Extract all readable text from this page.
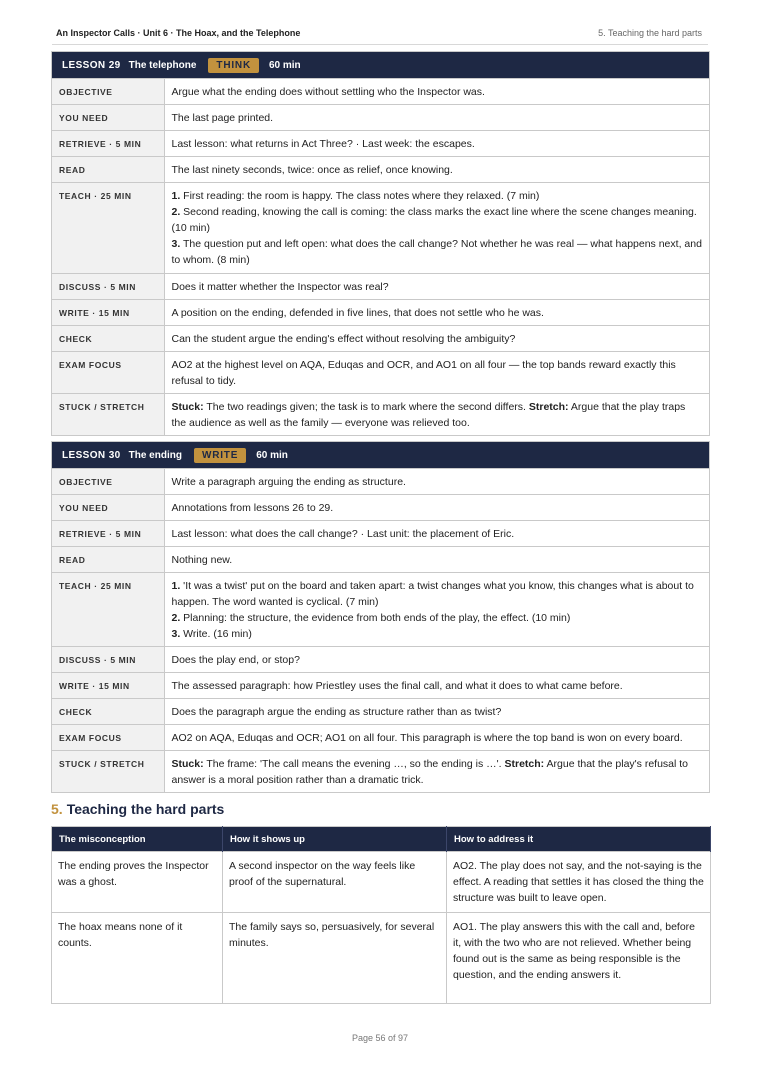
An Inspector Calls · Unit 6 · The Hoax, and the Telephone	5. Teaching the hard parts
LESSON 29 The telephone	THINK	60 min
OBJECTIVE	Argue what the ending does without settling who the Inspector was.
YOU NEED	The last page printed.
RETRIEVE · 5 MIN	Last lesson: what returns in Act Three? · Last week: the escapes.
READ	The last ninety seconds, twice: once as relief, once knowing.
TEACH · 25 MIN	1. First reading: the room is happy. The class notes where they relaxed. (7 min)

2. Second reading, knowing the call is coming: the class marks the exact line where the scene changes meaning. (10 min)

3. The question put and left open: what does the call change? Not whether he was real — what happens next, and to whom. (8 min)

DISCUSS · 5 MIN	Does it matter whether the Inspector was real?
WRITE · 15 MIN	A position on the ending, defended in five lines, that does not settle who he was.
CHECK	Can the student argue the ending's effect without resolving the ambiguity?
EXAM FOCUS	AO2 at the highest level on AQA, Eduqas and OCR, and AO1 on all four — the top bands reward exactly this refusal to tidy.
STUCK / STRETCH	Stuck: The two readings given; the task is to mark where the second differs. Stretch: Argue that the play traps the audience as well as the family — everyone was relieved too.
LESSON 30 The ending	WRITE	60 min
OBJECTIVE	Write a paragraph arguing the ending as structure.
YOU NEED	Annotations from lessons 26 to 29.
RETRIEVE · 5 MIN	Last lesson: what does the call change? · Last unit: the placement of Eric.
READ	Nothing new.
TEACH · 25 MIN	1. 'It was a twist' put on the board and taken apart: a twist changes what you know, this changes what is about to happen. The word wanted is cyclical. (7 min)

2. Planning: the structure, the evidence from both ends of the play, the effect. (10 min)

3. Write. (16 min)

DISCUSS · 5 MIN	Does the play end, or stop?
WRITE · 15 MIN	The assessed paragraph: how Priestley uses the final call, and what it does to what came before.
CHECK	Does the paragraph argue the ending as structure rather than as twist?
EXAM FOCUS	AO2 on AQA, Eduqas and OCR; AO1 on all four. This paragraph is where the top band is won on every board.
STUCK / STRETCH	Stuck: The frame: 'The call means the evening …, so the ending is …'. Stretch: Argue that the play's refusal to answer is a moral position rather than a dramatic trick.
5. Teaching the hard parts
The misconception	How it shows up	How to address it
The ending proves the Inspector was a ghost.	A second inspector on the way feels like proof of the supernatural.	AO2. The play does not say, and the not-saying is the effect. A reading that settles it has closed the thing the structure was built to leave open.
The hoax means none of it counts.	The family says so, persuasively, for several minutes.	AO1. The play answers this with the call and, before it, with the two who are not relieved. Whether being found out is the same as being responsible is the question, and the ending answers it.
Page 56 of 97
